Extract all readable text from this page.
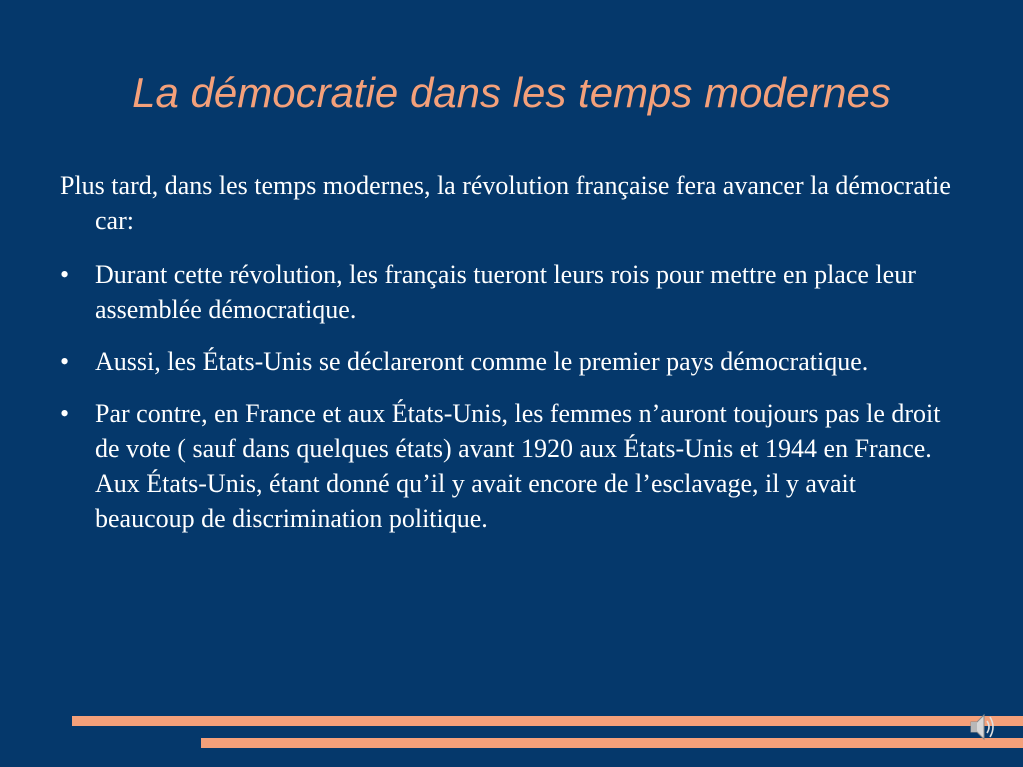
La démocratie dans les temps modernes

Plus tard, dans les temps modernes, la révolution française fera avancer la démocratie car:

• Durant cette révolution, les français tueront leurs rois pour mettre en place leur assemblée démocratique.
• Aussi, les États-Unis se déclareront comme le premier pays démocratique.
• Par contre, en France et aux États-Unis, les femmes n’auront toujours pas le droit de vote ( sauf dans quelques états) avant 1920 aux États-Unis et 1944 en France. Aux États-Unis, étant donné qu’il y avait encore de l’esclavage, il y avait beaucoup de discrimination politique.
